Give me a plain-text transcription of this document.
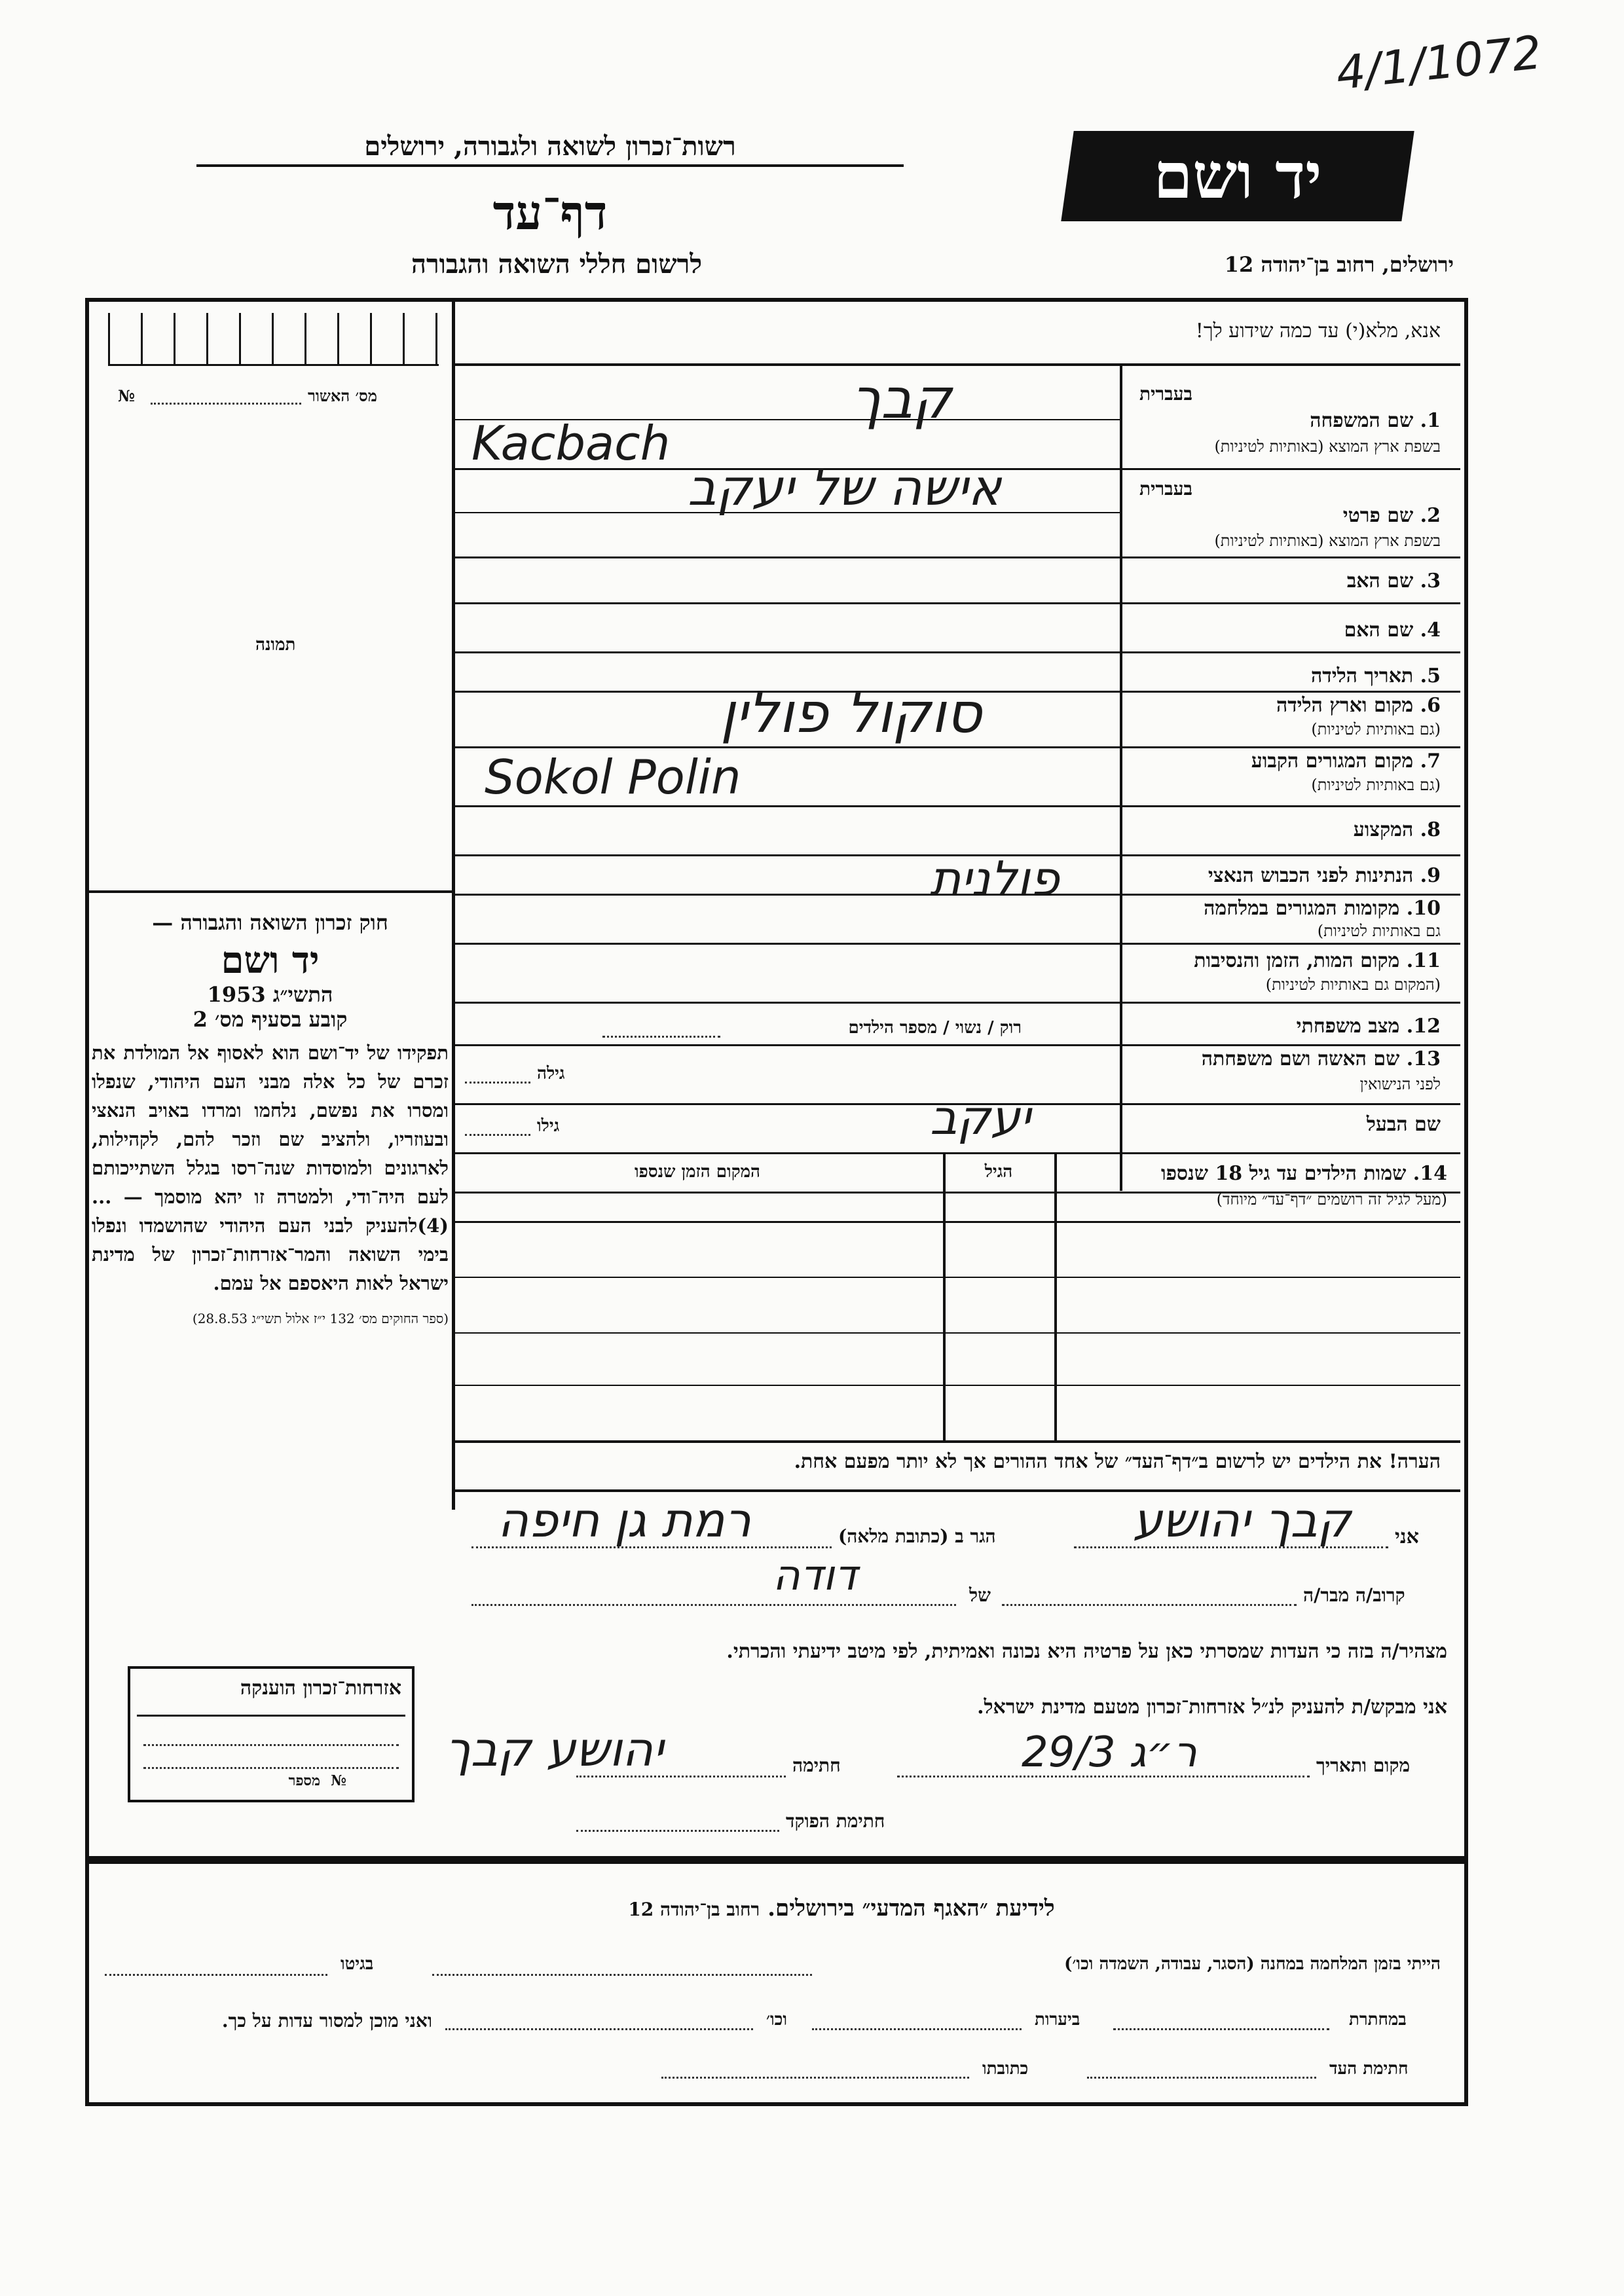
4/1/1072
רשות־זכרון לשואה ולגבורה, ירושלים
דף־עד
לרשום חללי השואה והגבורה
יד ושם
ירושלים, רחוב בן־יהודה 12
אנא, מלא(י) עד כמה שידוע לך!
מס׳ האשור
№
תמונה
חוק זכרון השואה והגבורה —
יד ושם
התשי״ג 1953
קובע בסעיף מס׳ 2
תפקידו של יד־ושם הוא לאסוף אל המולדת את זכרם של כל אלה מבני העם היהודי, שנפלו ומסרו את נפשם, נלחמו ומרדו באויב הנאצי ובעוזריו, ולהציב שם וזכר להם, לקהילות, לארגונים ולמוסדות שנה־רסו בגלל השתייכותם לעם היה־ודי, ולמטרה זו יהא מוסמך — ...(4)להעניק לבני העם היהודי שהושמדו ונפלו בימי השואה והמר־אזרחות־זכרון של מדינת ישראל לאות היאספם אל עמם.
(ספר החוקים מס׳ 132 י״ז אלול תשי״ג 28.8.53)
אזרחות־זכרון הוענקה
מספר №
בעברית
1. שם המשפחה
בשפת ארץ המוצא (באותיות לטיניות)
קבך
Kacbach
בעברית
2. שם פרטי
בשפת ארץ המוצא (באותיות לטיניות)
אישה של יעקב
3. שם האב
4. שם האם
5. תאריך הלידה
6. מקום וארץ הלידה
(גם באותיות לטיניות)
סוקול פולין
7. מקום המגורים הקבוע
(גם באותיות לטיניות)
Sokol Polin
8. המקצוע
9. הנתינות לפני הכבוש הנאצי
פולנית
10. מקומות המגורים במלחמה
גם באותיות לטיניות)
11. מקום המות, הזמן והנסיבות
(המקום גם באותיות לטיניות)
12. מצב משפחתי
רוק / נשוי / מספר הילדים
13. שם האשה ושם משפחתה
לפני הנישואין
גילה
שם הבעל
יעקב
גילו
14. שמות הילדים עד גיל 18 שנספו
(מעל לגיל זה רושמים ״דף־עד״ מיוחד)
הגיל
המקום הזמן שנספו
הערה! את הילדים יש לרשום ב״דף־העד״ של אחד ההורים אך לא יותר מפעם אחת.
אני
קבך יהושע
הגר ב (כתובת מלאה)
רמת גן חיפה
קרוב/ה מבר/ה
של
דודה
מצהיר/ה בזה כי העדות שמסרתי כאן על פרטיה היא נכונה ואמיתית, לפי מיטב ידיעתי והכרתי.
אני מבקש/ת להעניק לנ״ל אזרחות־זכרון מטעם מדינת ישראל.
מקום ותאריך
ר״ג 29/3
חתימה
יהושע קבך
חתימת הפוקד
לידיעת ״האגף המדעי״ בירושלים. רחוב בן־יהודה 12
הייתי בזמן המלחמה במחנה (הסגר, עבודה, השמדה וכו׳)
בגיטו
במחתרת
ביערות
וכו׳
ואני מוכן למסור עדות על כך.
חתימת העד
כתובתו
